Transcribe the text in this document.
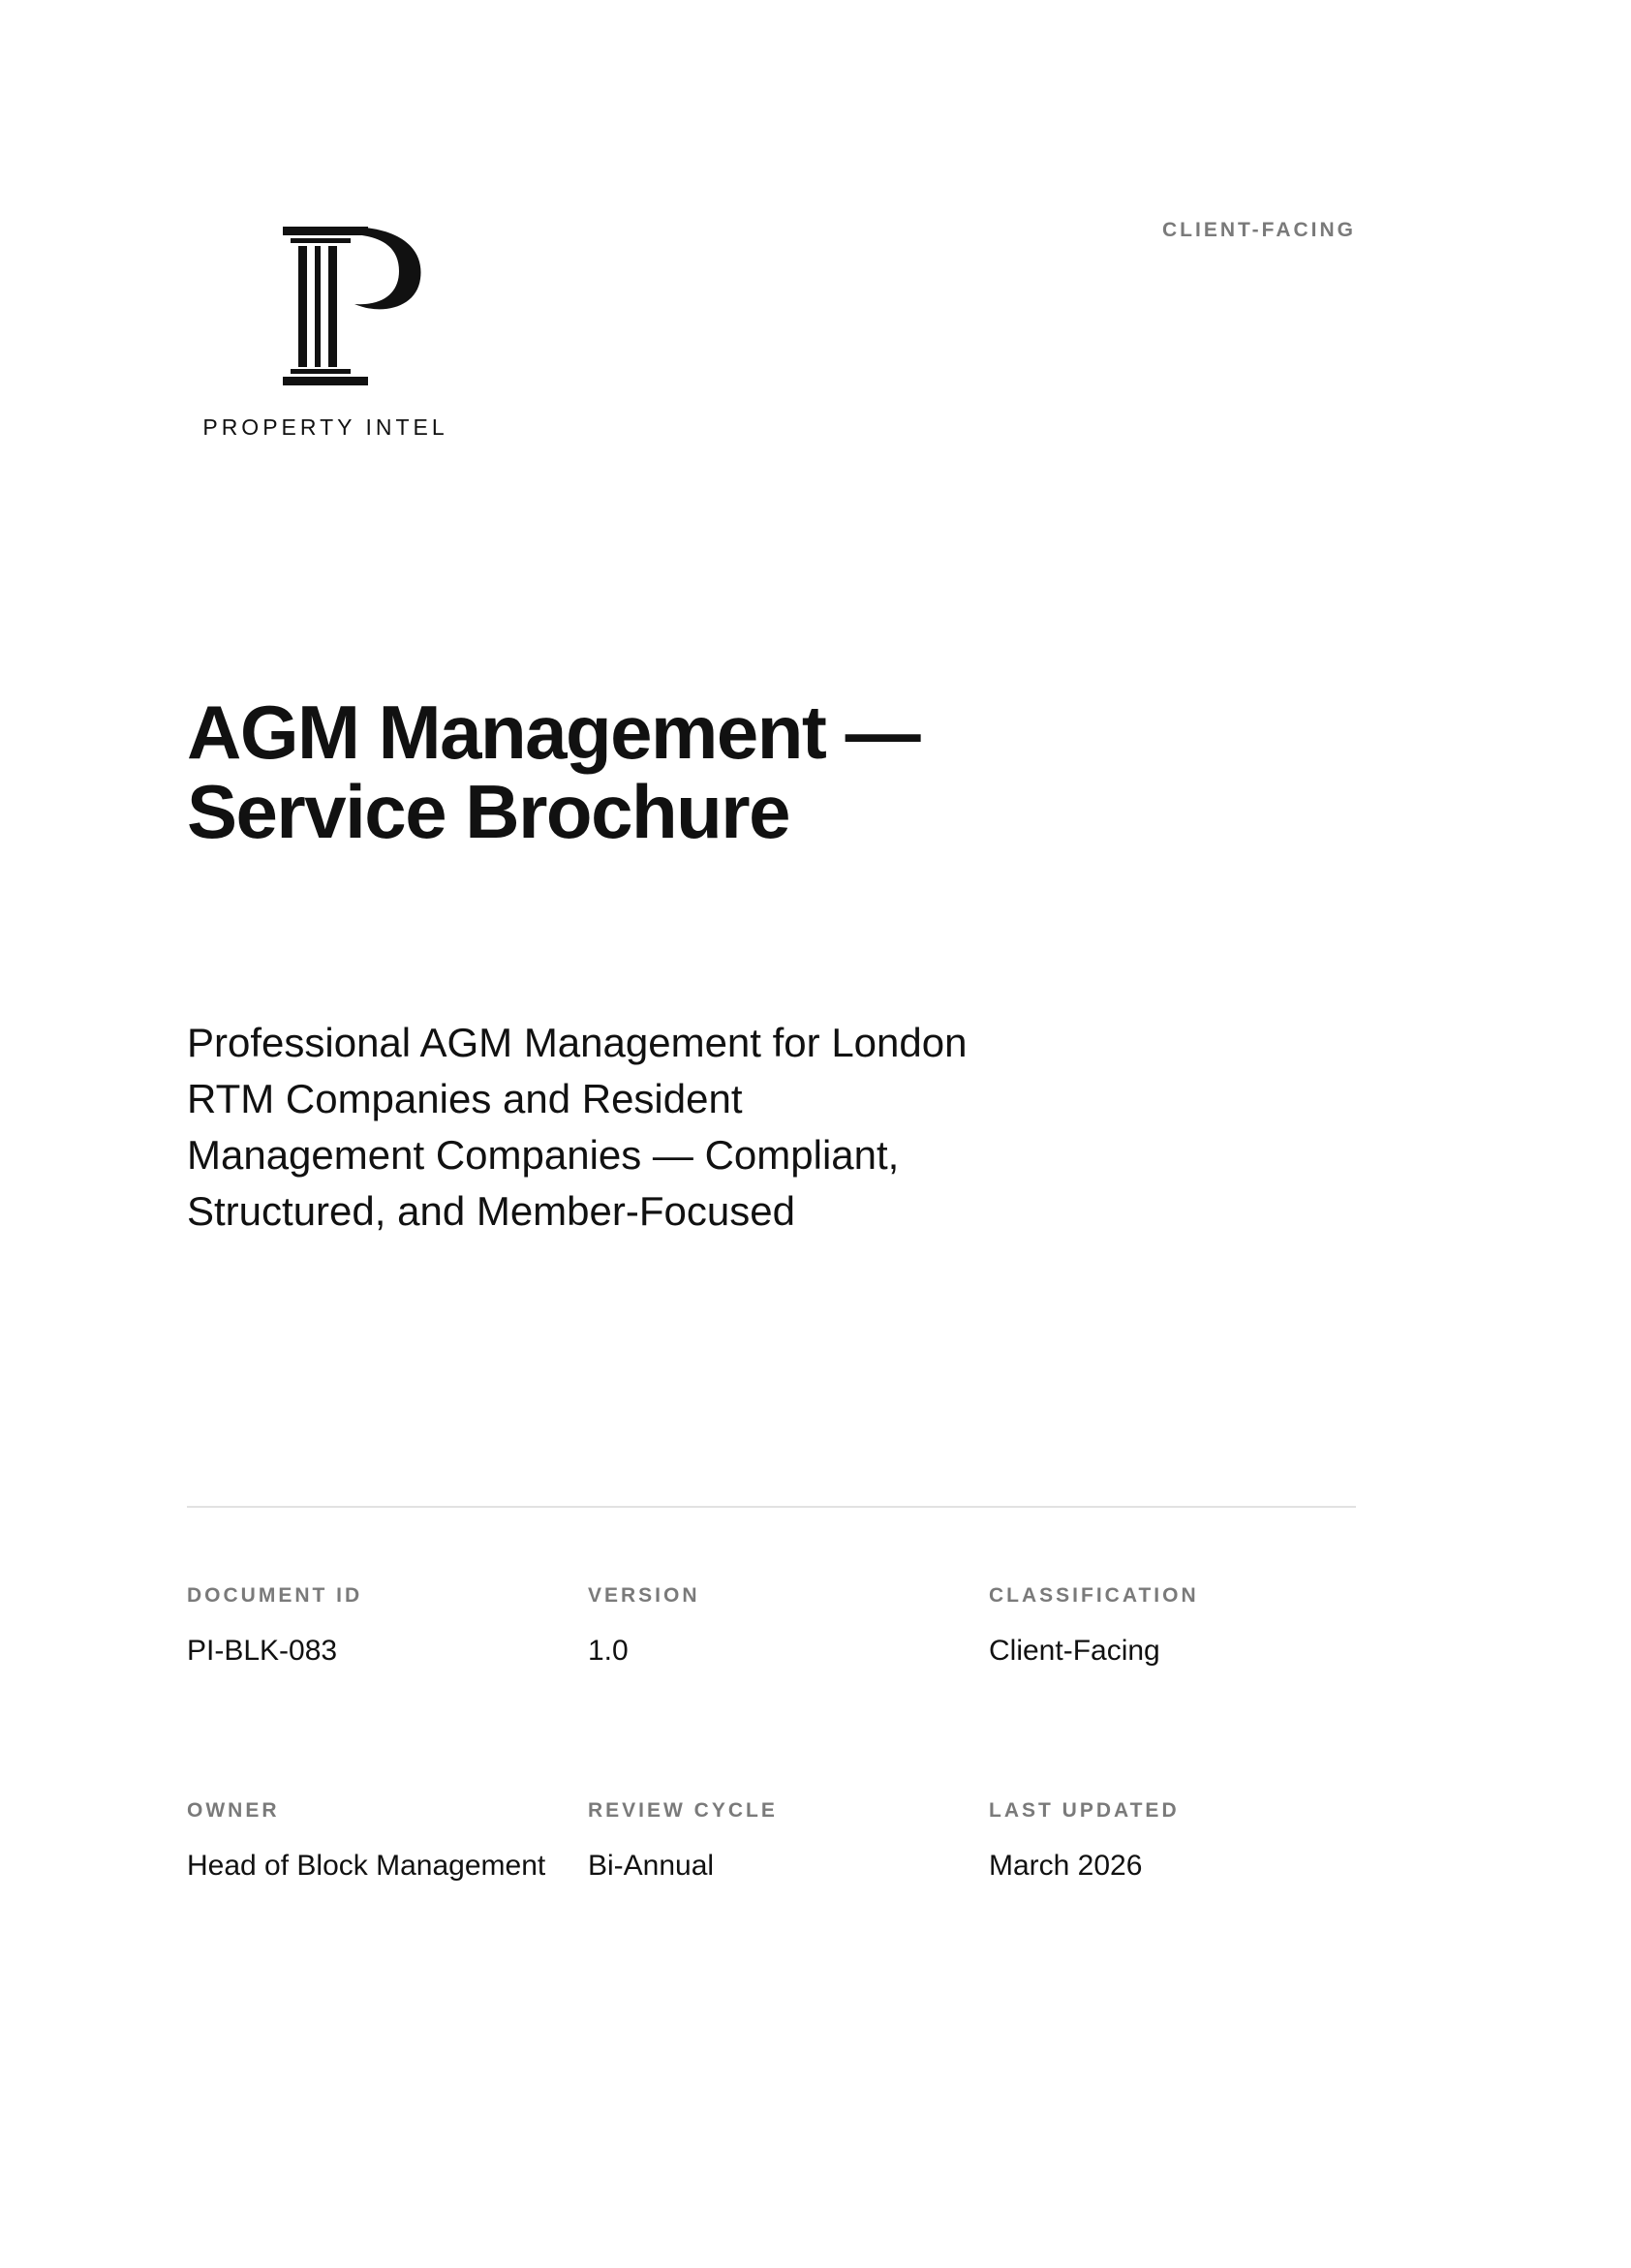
PROPERTY INTEL
CLIENT-FACING
AGM Management — Service Brochure

Professional AGM Management for London RTM Companies and Resident Management Companies — Compliant, Structured, and Member-Focused

DOCUMENT ID
PI-BLK-083
VERSION
1.0
CLASSIFICATION
Client-Facing
OWNER
Head of Block Management
REVIEW CYCLE
Bi-Annual
LAST UPDATED
March 2026
